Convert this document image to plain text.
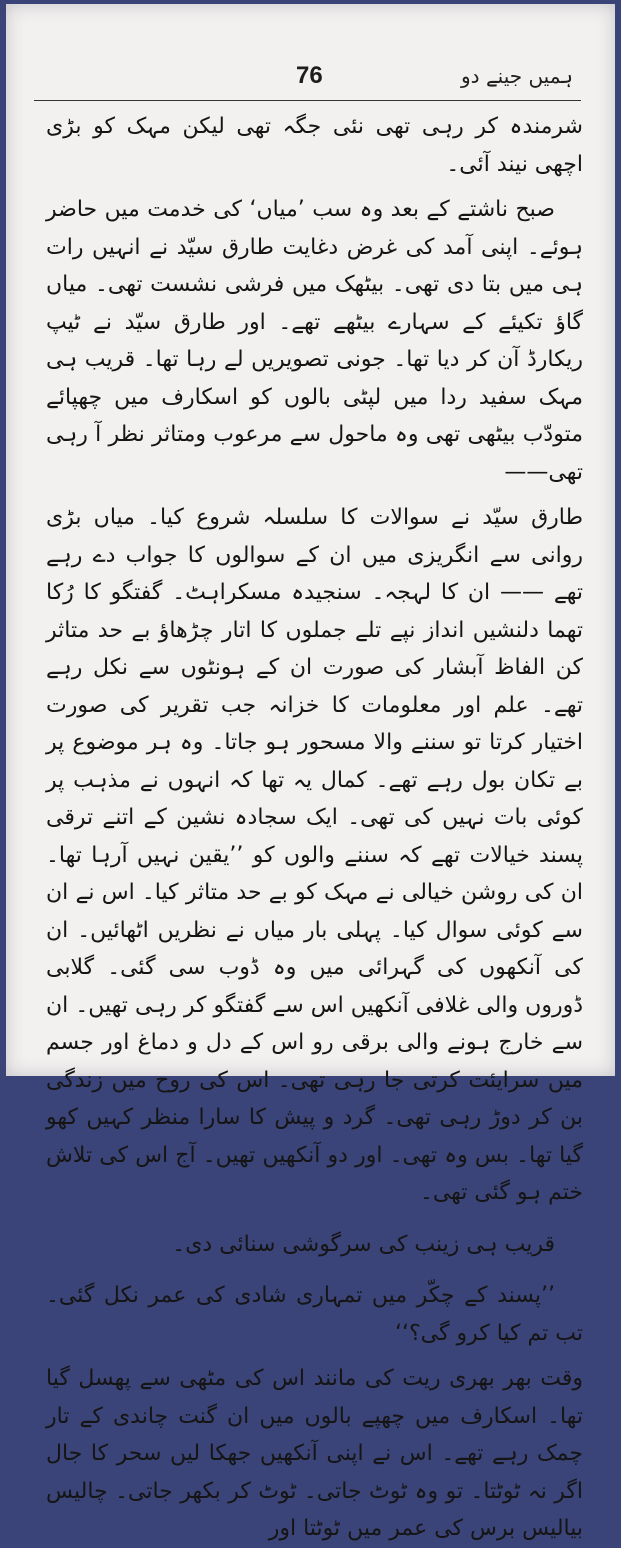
76	ہمیں جینے دو

شرمندہ کر رہی تھی نئی جگہ تھی لیکن مہک کو بڑی اچھی نیند آئی۔

صبح ناشتے کے بعد وہ سب ’میاں‘ کی خدمت میں حاضر ہوئے۔ اپنی آمد کی غرض دغایت طارق سیّد نے انہیں رات ہی میں بتا دی تھی۔ بیٹھک میں فرشی نشست تھی۔ میاں گاؤ تکیئے کے سہارے بیٹھے تھے۔ اور طارق سیّد نے ٹیپ ریکارڈ آن کر دیا تھا۔ جونی تصویریں لے رہا تھا۔ قریب ہی مہک سفید ردا میں لپٹی بالوں کو اسکارف میں چھپائے متودّب بیٹھی تھی وہ ماحول سے مرعوب ومتاثر نظر آ رہی تھی——

طارق سیّد نے سوالات کا سلسلہ شروع کیا۔ میاں بڑی روانی سے انگریزی میں ان کے سوالوں کا جواب دے رہے تھے —— ان کا لہجہ۔ سنجیدہ مسکراہٹ۔ گفتگو کا رُکا تھما دلنشیں انداز نپے تلے جملوں کا اتار چڑھاؤ بے حد متاثر کن الفاظ آبشار کی صورت ان کے ہونٹوں سے نکل رہے تھے۔ علم اور معلومات کا خزانہ جب تقریر کی صورت اختیار کرتا تو سننے والا مسحور ہو جاتا۔ وہ ہر موضوع پر بے تکان بول رہے تھے۔ کمال یہ تھا کہ انہوں نے مذہب پر کوئی بات نہیں کی تھی۔ ایک سجادہ نشین کے اتنے ترقی پسند خیالات تھے کہ سننے والوں کو ’’یقین نہیں آرہا تھا۔ ان کی روشن خیالی نے مہک کو بے حد متاثر کیا۔ اس نے ان سے کوئی سوال کیا۔ پہلی بار میاں نے نظریں اٹھائیں۔ ان کی آنکھوں کی گہرائی میں وہ ڈوب سی گئی۔ گلابی ڈوروں والی غلافی آنکھیں اس سے گفتگو کر رہی تھیں۔ ان سے خارج ہونے والی برقی رو اس کے دل و دماغ اور جسم میں سرایئت کرتی جا رہی تھی۔ اس کی روح میں زندگی بن کر دوڑ رہی تھی۔ گرد و پیش کا سارا منظر کہیں کھو گیا تھا۔ بس وہ تھی۔ اور دو آنکھیں تھیں۔ آج اس کی تلاش ختم ہو گئی تھی۔

قریب ہی زینب کی سرگوشی سنائی دی۔

’’پسند کے چکّر میں تمہاری شادی کی عمر نکل گئی۔ تب تم کیا کرو گی؟‘‘

وقت بھر بھری ریت کی مانند اس کی مٹھی سے پھسل گیا تھا۔ اسکارف میں چھپے بالوں میں ان گنت چاندی کے تار چمک رہے تھے۔ اس نے اپنی آنکھیں جھکا لیں سحر کا جال اگر نہ ٹوٹتا۔ تو وہ ٹوٹ جاتی۔ ٹوٹ کر بکھر جاتی۔ چالیس بیالیس برس کی عمر میں ٹوٹتا اور
